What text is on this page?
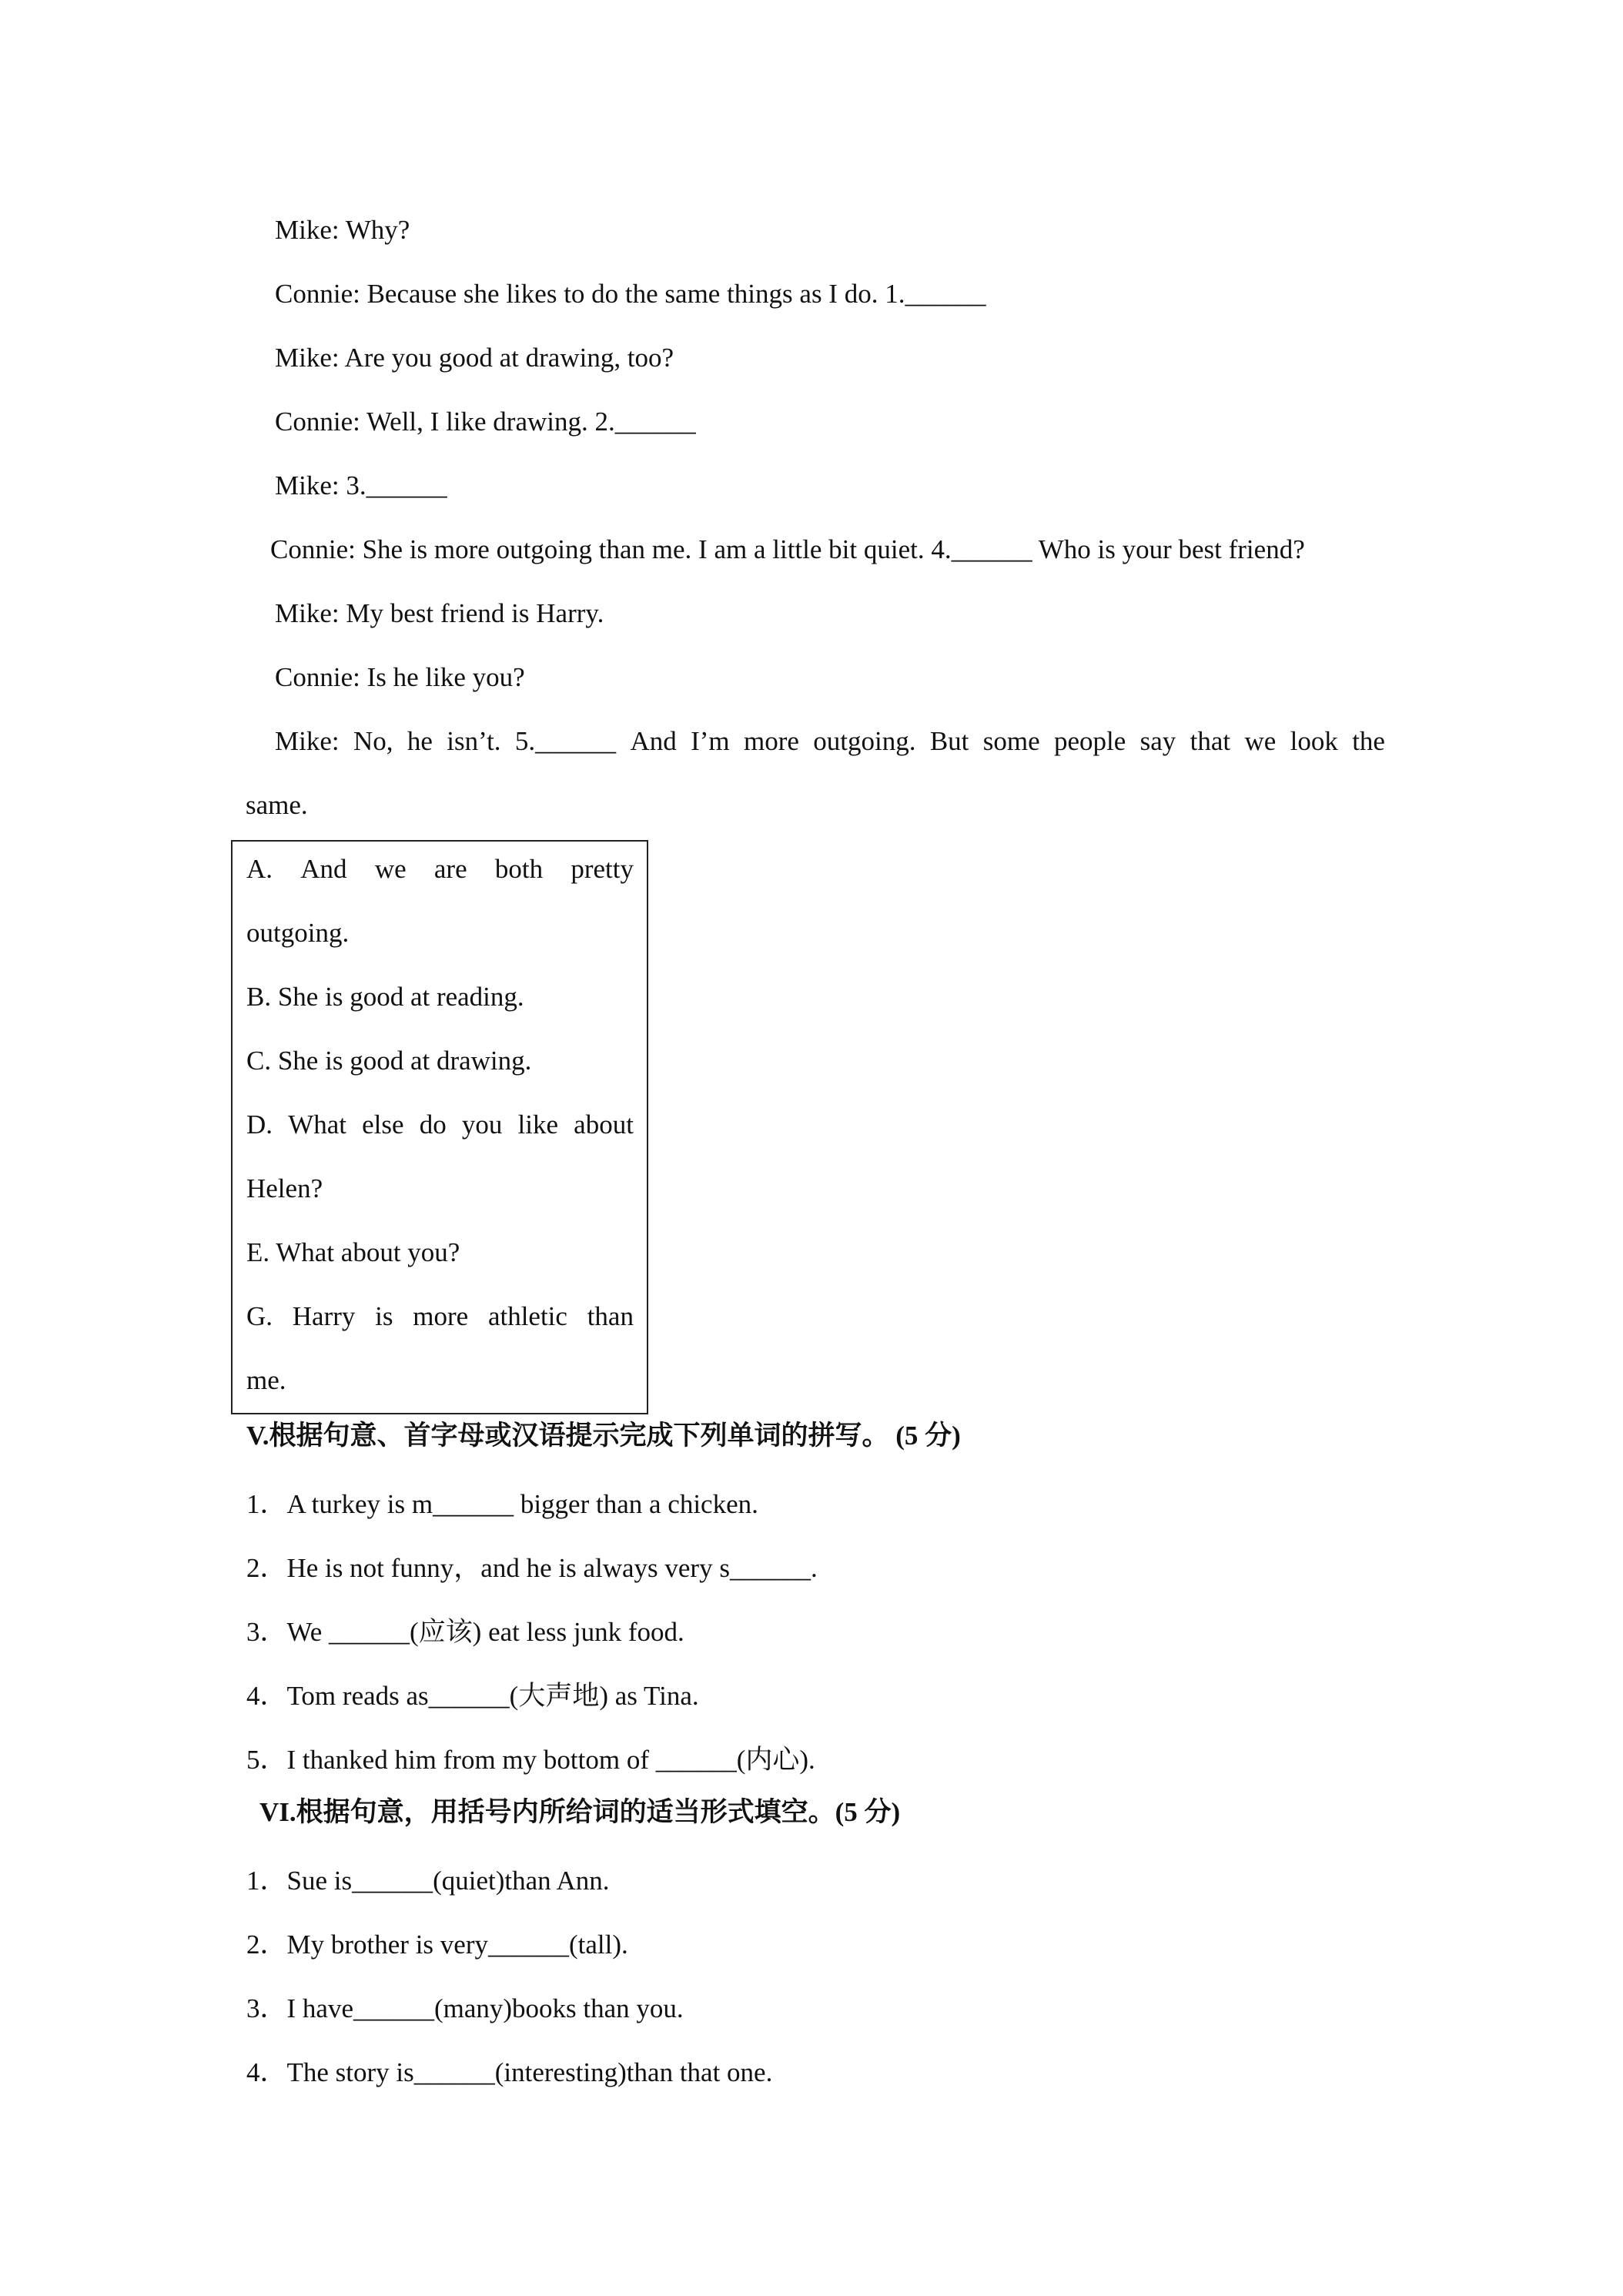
Mike: Why?
Connie: Because she likes to do the same things as I do. 1.______
Mike: Are you good at drawing, too?
Connie: Well, I like drawing. 2.______
Mike: 3.______
Connie: She is more outgoing than me. I am a little bit quiet. 4.______ Who is your best friend?
Mike: My best friend is Harry.
Connie: Is he like you?
Mike: No, he isn’t. 5.______ And I’m more outgoing. But some people say that we look the
same.
A. And we are both pretty
outgoing.
B. She is good at reading.
C. She is good at drawing.
D. What else do you like about
Helen?
E. What about you?
G. Harry is more athletic than
me.
V.根据句意、首字母或汉语提示完成下列单词的拼写。 (5 分)
1．A turkey is m______ bigger than a chicken.
2．He is not funny，and he is always very s______.
3．We ______(应该) eat less junk food.
4．Tom reads as______(大声地) as Tina.
5．I thanked him from my bottom of ______(内心).
VI.根据句意，用括号内所给词的适当形式填空。(5 分)
1．Sue is______(quiet)than Ann.
2．My brother is very______(tall).
3．I have______(many)books than you.
4．The story is______(interesting)than that one.
